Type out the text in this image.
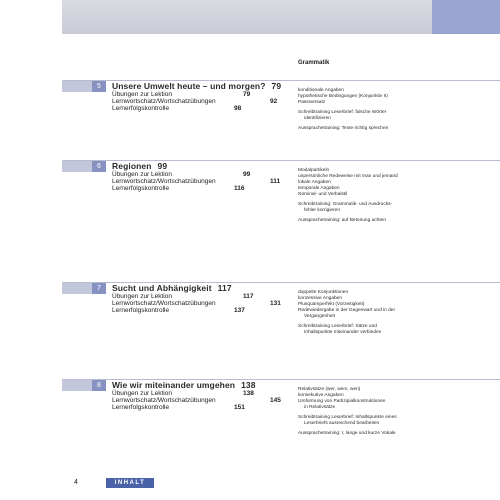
Grammatik
5	Unsere Umwelt heute – und morgen? 79
Übungen zur Lektion	79
Lernwortschatz/Wortschatzübungen	92
Lernerfolgskontrolle	98
konditionale Angaben
hypothetische Bedingungen (Konjunktiv II)
Passiversatz
Schreibtraining Leserbrief: falsche Wörter
identifizieren
Aussprachetraining: Texte richtig sprechen
6	Regionen 99
Übungen zur Lektion	99
Lernwortschatz/Wortschatzübungen	111
Lernerfolgskontrolle	116
Modalpartikeln
unpersönliche Redeweise mit man und jemand
lokale Angaben
temporale Angaben
Nominal- und Verbalstil
Schreibtraining: Grammatik- und Ausdrucks-
fehler korrigieren
Aussprachetraining: auf Betonung achten
7	Sucht und Abhängigkeit 117
Übungen zur Lektion	117
Lernwortschatz/Wortschatzübungen	131
Lernerfolgskontrolle	137
doppelte Konjunktionen
konzessive Angaben
Plusquamperfekt (Vorzeitigkeit)
Redewiedergabe in der Gegenwart und in der
Vergangenheit
Schreibtraining Leserbrief: Sätze und
Inhaltspunkte miteinander verbinden
8	Wie wir miteinander umgehen 138
Übungen zur Lektion	138
Lernwortschatz/Wortschatzübungen	145
Lernerfolgskontrolle	151
Relativsätze (wer, wem, wen)
konsekutive Angaben
Umformung von Partizipialkonstruktionen
in Relativsätze
Schreibtraining Leserbrief: Inhaltspunkte eines
Leserbriefs ausreichend bearbeiten
Aussprachetraining: r, lange und kurze Vokale
4	INHALT
